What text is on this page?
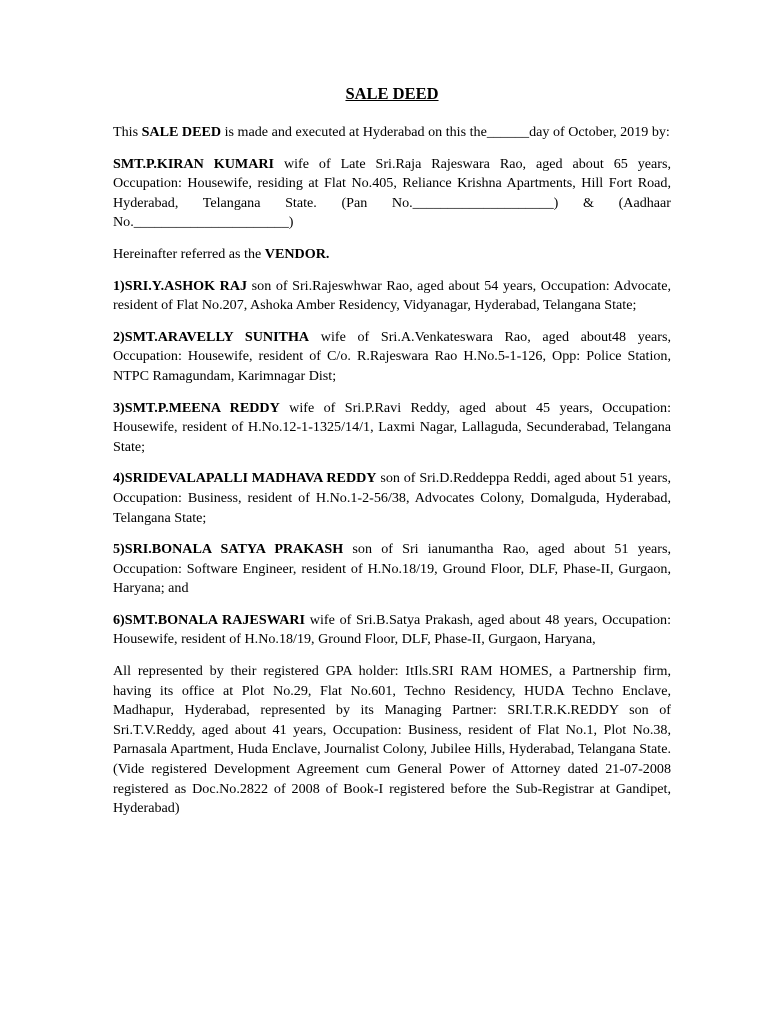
SALE DEED

This SALE DEED is made and executed at Hyderabad on this the______day of October, 2019 by:

SMT.P.KIRAN KUMARI wife of Late Sri.Raja Rajeswara Rao, aged about 65 years, Occupation: Housewife, residing at Flat No.405, Reliance Krishna Apartments, Hill Fort Road, Hyderabad, Telangana State. (Pan No.____________________) & (Aadhaar No.______________________)

Hereinafter referred as the VENDOR.

1)SRI.Y.ASHOK RAJ son of Sri.Rajeswhwar Rao, aged about 54 years, Occupation: Advocate, resident of Flat No.207, Ashoka Amber Residency, Vidyanagar, Hyderabad, Telangana State;

2)SMT.ARAVELLY SUNITHA wife of Sri.A.Venkateswara Rao, aged about48 years, Occupation: Housewife, resident of C/o. R.Rajeswara Rao H.No.5-1-126, Opp: Police Station, NTPC Ramagundam, Karimnagar Dist;

3)SMT.P.MEENA REDDY wife of Sri.P.Ravi Reddy, aged about 45 years, Occupation: Housewife, resident of H.No.12-1-1325/14/1, Laxmi Nagar, Lallaguda, Secunderabad, Telangana State;

4)SRIDEVALAPALLI MADHAVA REDDY son of Sri.D.Reddeppa Reddi, aged about 51 years, Occupation: Business, resident of H.No.1-2-56/38, Advocates Colony, Domalguda, Hyderabad, Telangana State;

5)SRI.BONALA SATYA PRAKASH son of Sri ianumantha Rao, aged about 51 years, Occupation: Software Engineer, resident of H.No.18/19, Ground Floor, DLF, Phase-II, Gurgaon, Haryana; and

6)SMT.BONALA RAJESWARI wife of Sri.B.Satya Prakash, aged about 48 years, Occupation: Housewife, resident of H.No.18/19, Ground Floor, DLF, Phase-II, Gurgaon, Haryana,

All represented by their registered GPA holder: ItIls.SRI RAM HOMES, a Partnership firm, having its office at Plot No.29, Flat No.601, Techno Residency, HUDA Techno Enclave, Madhapur, Hyderabad, represented by its Managing Partner: SRI.T.R.K.REDDY son of Sri.T.V.Reddy, aged about 41 years, Occupation: Business, resident of Flat No.1, Plot No.38, Parnasala Apartment, Huda Enclave, Journalist Colony, Jubilee Hills, Hyderabad, Telangana State.(Vide registered Development Agreement cum General Power of Attorney dated 21-07-2008 registered as Doc.No.2822 of 2008 of Book-I registered before the Sub-Registrar at Gandipet, Hyderabad)
